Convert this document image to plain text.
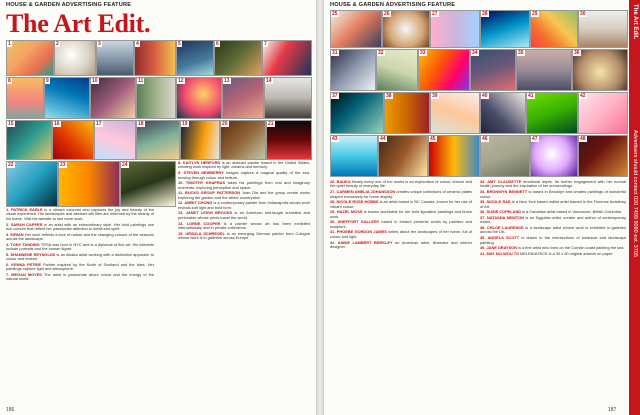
HOUSE & GARDEN ADVERTISING FEATURE
The Art Edit.
1	2	3	4	5	6	7
8	9	10	11	12	13	14
15	16	17	18	19	20	21
22	23	24

1. PATRICK EARLE is a vibrant colourist who captures the joy and beauty of the visual experience. His landscapes and abstract still lifes are informed by the beauty of his home. Visit his website to see more work.

2. SARAH CAPPER is an artist with an extraordinary style. Her bold paintings use rich colours that reflect her passionate attention to detail and spirit.

3. EIRIAN Her work reflects a love of nature and the changing colours of the seasons across the landscape.

4. TONY TANDING TRSA was born in NYC and is a diplomat of fine art. His interests include portraits and the human figure.

5. SHANNENE REYNOLDS is an Alaska artist working with a distinctive approach to colour and texture.

6. KENNA PETRIE Painter inspired by the North of Scotland and the Isles. Her paintings capture light and atmosphere.

7. MEGAN MOYES The artist is passionate about colour and the energy of the natural world.

8. KAITLYN HERFORD is an abstract painter based in the United States, creating work inspired by light, dreams and memory.

9. STEVEN NEWBERRY Images capture a magical quality of the sea, moving through colour and texture.

10. TIMOTHY KHAPRAS takes his paintings from real and imaginary moments, exploring perception and space.

11. BUCKS GROUP PATTERSON Joan Dia and the group create works exploring the garden and the wilder countryside.

12. AMRIT CHONG is a contemporary painter from Indianapolis whose work reveals soft light and bold form.

13. JANET LEIGH BROOKS is an American self-taught surrealist and printmaker whose prints travel the world.

14. LORNE COOPER is a painter whose art has been exhibited internationally and in private collections.

15. URSULA SCHREGEL is an emerging German painter from Cologne whose work is in galleries across Europe.

186
HOUSE & GARDEN ADVERTISING FEATURE
25	26	27	28	29	30
31	32	33	34	35	36
37	38	39	40	41	42
43	44	45	46	47	48

26. BAUKA Nearly every one of her works is an exploration of colour, texture and the quiet beauty of everyday life.

27. CARMEN AMELIA JOHANSSON creates unique collections of ceramic plates shaped exclusively for home display.

28. NICOLE ROSE HOBBS is an artist based in BC Canada, known for her use of vibrant colour.

29. HAZEL MOSS is known worldwide for her bold figurative paintings and brush work.

30. SHEFFORT GALLERY based in Ireland presents works by painters and sculptors.

31. PHOEBE GORDON JAMES writes about the landscapes of her home, full of colour and light.

32. ANNIE LAMBERT BERKLEY an American artist, illustrator and interior designer.

33. AMY CLAUDETTE emotional depth. Its further engagement with her normal health journey and the inspiration of her surroundings.

34. BRONWYN BENNETT is based in Brooklyn and creates paintings of wonderful colour.

35. NICOLE RAE is a New York based realist artist trained in the Florence Academy of Art.

36. SUSIE COPELAND is a Canadian artist based in Vancouver, British Columbia.

37. NATASHA NEWTON is an Egyptian artist, creator and author of contemporary works.

38. CHLOE LAURENCE is a landscape artist whose work is exhibited in galleries across the UK.

39. ANGELA SCOTT is drawn to the intersections of botanical and landscape painting.

40. JANE DRAYSON is a fine artist who lives on the Cornish coast painting the sea.

41. MAY NIJ-WOU TO MELINDA RICE is a 30 x 30 original artwork on paper.

187
The Art Edit.
Advertisers should contact 020 7499 9080 ext. 3705
